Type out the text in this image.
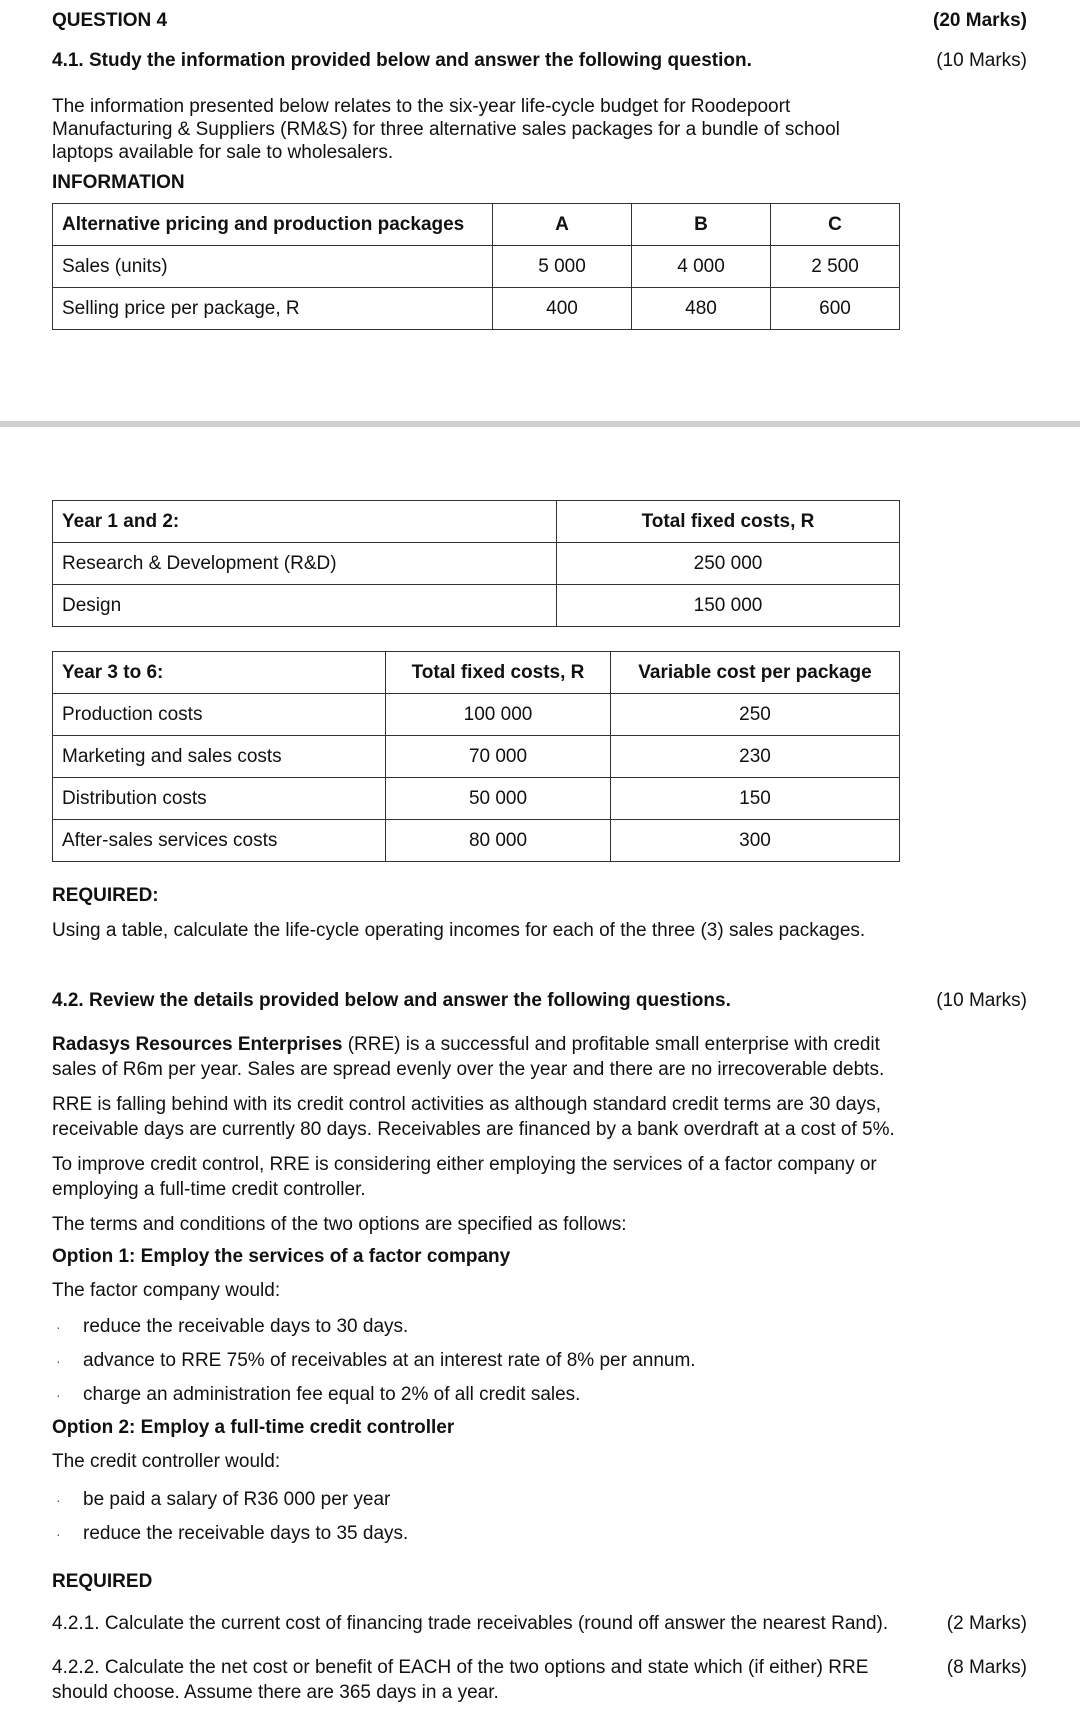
QUESTION 4	(20 Marks)
4.1. Study the information provided below and answer the following question.	(10 Marks)

The information presented below relates to the six-year life-cycle budget for Roodepoort Manufacturing & Suppliers (RM&S) for three alternative sales packages for a bundle of school laptops available for sale to wholesalers.

INFORMATION
Alternative pricing and production packages	A	B	C
Sales (units)	5 000	4 000	2 500
Selling price per package, R	400	480	600
Year 1 and 2:	Total fixed costs, R
Research & Development (R&D)	250 000
Design	150 000
Year 3 to 6:	Total fixed costs, R	Variable cost per package
Production costs	100 000	250
Marketing and sales costs	70 000	230
Distribution costs	50 000	150
After-sales services costs	80 000	300
REQUIRED:
Using a table, calculate the life-cycle operating incomes for each of the three (3) sales packages.
4.2. Review the details provided below and answer the following questions.	(10 Marks)

Radasys Resources Enterprises (RRE) is a successful and profitable small enterprise with credit sales of R6m per year. Sales are spread evenly over the year and there are no irrecoverable debts.

RRE is falling behind with its credit control activities as although standard credit terms are 30 days, receivable days are currently 80 days. Receivables are financed by a bank overdraft at a cost of 5%.

To improve credit control, RRE is considering either employing the services of a factor company or employing a full-time credit controller.

The terms and conditions of the two options are specified as follows:

Option 1: Employ the services of a factor company
The factor company would:
· reduce the receivable days to 30 days.
· advance to RRE 75% of receivables at an interest rate of 8% per annum.
· charge an administration fee equal to 2% of all credit sales.
Option 2: Employ a full-time credit controller
The credit controller would:
· be paid a salary of R36 000 per year
· reduce the receivable days to 35 days.
REQUIRED
4.2.1. Calculate the current cost of financing trade receivables (round off answer the nearest Rand).	(2 Marks)
4.2.2. Calculate the net cost or benefit of EACH of the two options and state which (if either) RRE should choose. Assume there are 365 days in a year.
(8 Marks)
